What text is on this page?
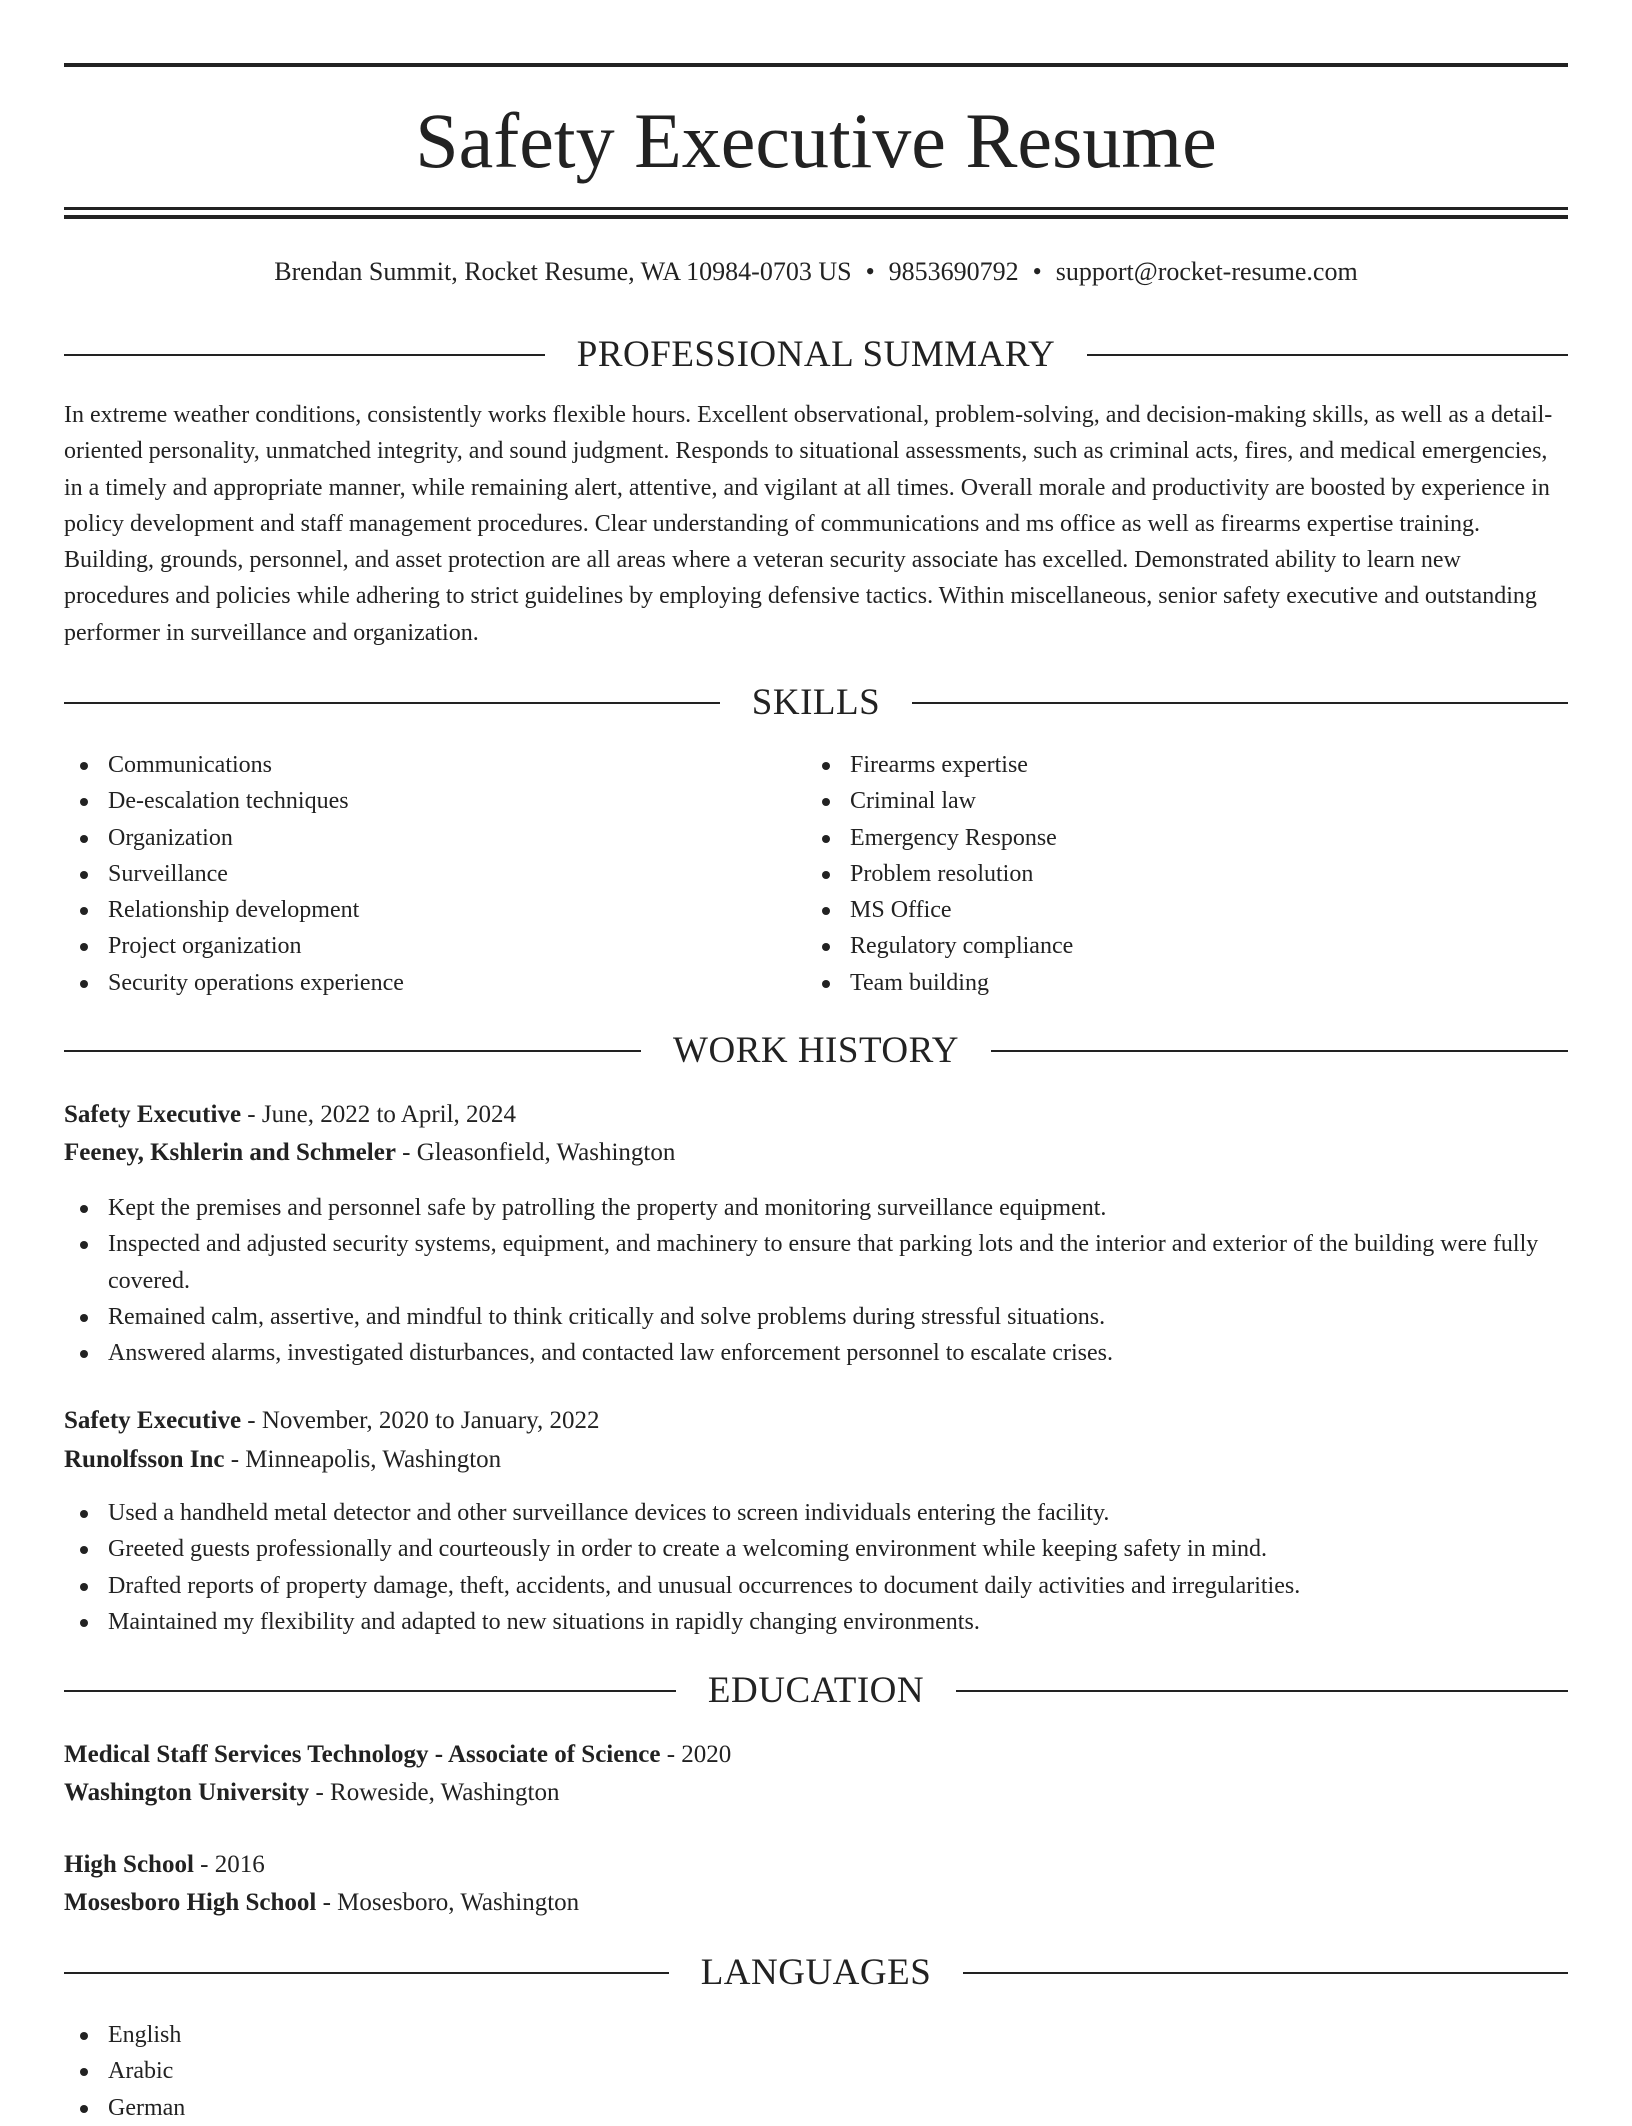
Safety Executive Resume
Brendan Summit, Rocket Resume, WA 10984-0703 US • 9853690792 • support@rocket-resume.com
PROFESSIONAL SUMMARY

In extreme weather conditions, consistently works flexible hours. Excellent observational, problem-solving, and decision-making skills, as well as a detail-oriented personality, unmatched integrity, and sound judgment. Responds to situational assessments, such as criminal acts, fires, and medical emergencies, in a timely and appropriate manner, while remaining alert, attentive, and vigilant at all times. Overall morale and productivity are boosted by experience in policy development and staff management procedures. Clear understanding of communications and ms office as well as firearms expertise training. Building, grounds, personnel, and asset protection are all areas where a veteran security associate has excelled. Demonstrated ability to learn new procedures and policies while adhering to strict guidelines by employing defensive tactics. Within miscellaneous, senior safety executive and outstanding performer in surveillance and organization.

SKILLS
Communications
De-escalation techniques
Organization
Surveillance
Relationship development
Project organization
Security operations experience
Firearms expertise
Criminal law
Emergency Response
Problem resolution
MS Office
Regulatory compliance
Team building
WORK HISTORY
Safety Executive - June, 2022 to April, 2024
Feeney, Kshlerin and Schmeler - Gleasonfield, Washington
Kept the premises and personnel safe by patrolling the property and monitoring surveillance equipment.
Inspected and adjusted security systems, equipment, and machinery to ensure that parking lots and the interior and exterior of the building were fully covered.
Remained calm, assertive, and mindful to think critically and solve problems during stressful situations.
Answered alarms, investigated disturbances, and contacted law enforcement personnel to escalate crises.
Safety Executive - November, 2020 to January, 2022
Runolfsson Inc - Minneapolis, Washington
Used a handheld metal detector and other surveillance devices to screen individuals entering the facility.
Greeted guests professionally and courteously in order to create a welcoming environment while keeping safety in mind.
Drafted reports of property damage, theft, accidents, and unusual occurrences to document daily activities and irregularities.
Maintained my flexibility and adapted to new situations in rapidly changing environments.
EDUCATION
Medical Staff Services Technology - Associate of Science - 2020
Washington University - Roweside, Washington
High School - 2016
Mosesboro High School - Mosesboro, Washington
LANGUAGES
English
Arabic
German
